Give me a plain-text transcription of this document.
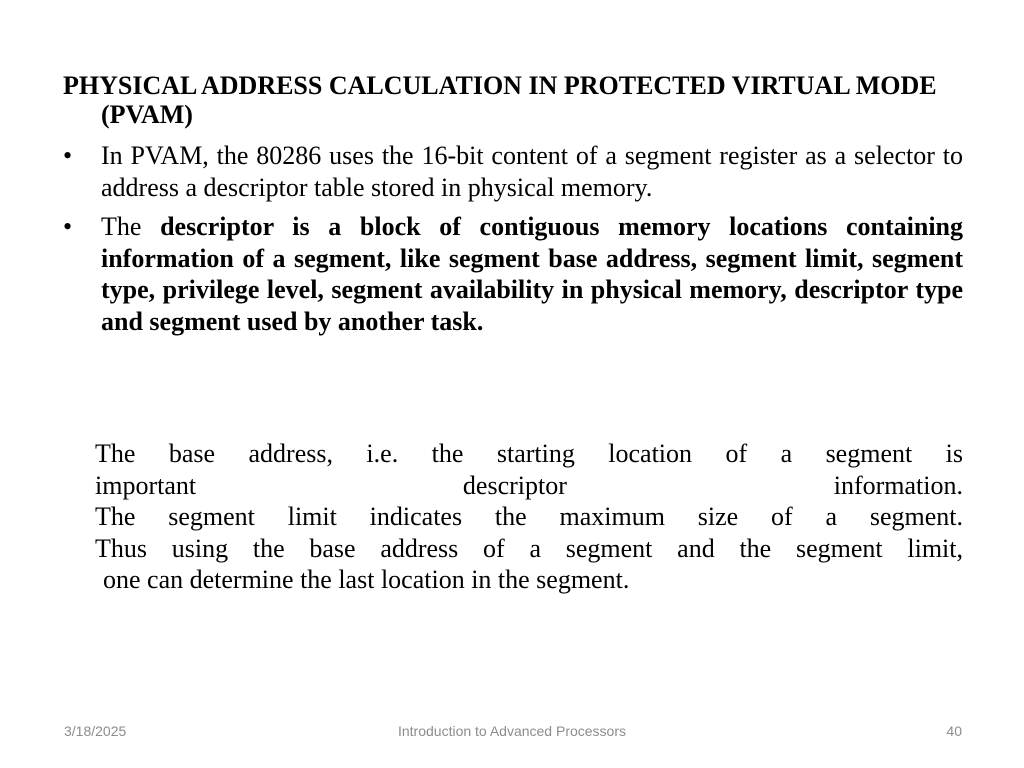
PHYSICAL ADDRESS CALCULATION IN PROTECTED VIRTUAL MODE (PVAM)
•	In PVAM, the 80286 uses the 16-bit content of a segment register as a selector to address a descriptor table stored in physical memory.
•	The descriptor is a block of contiguous memory locations containing information of a segment, like segment base address, segment limit, segment type, privilege level, segment availability in physical memory, descriptor type and segment used by another task.
The base address, i.e. the starting location of a segment is
important descriptor information.
The segment limit indicates the maximum size of a segment.
Thus using the base address of a segment and the segment limit,
one can determine the last location in the segment.
3/18/2025	Introduction to Advanced Processors	40
